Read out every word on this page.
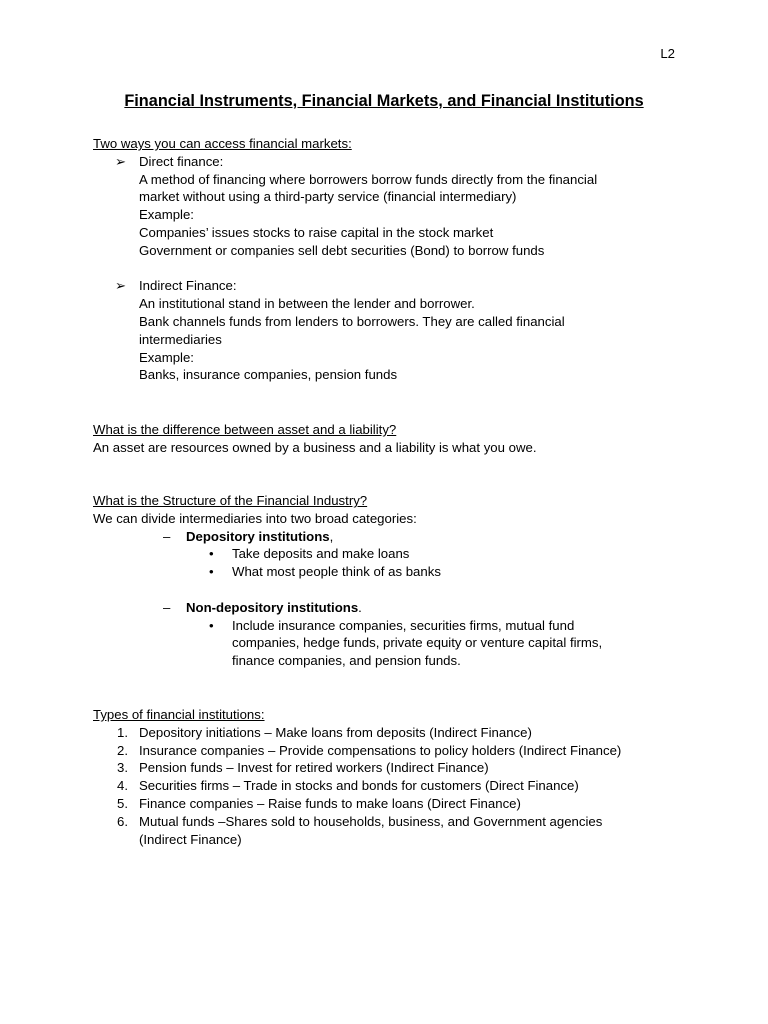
L2
Financial Instruments, Financial Markets, and Financial Institutions
Two ways you can access financial markets:
➢ Direct finance:
A method of financing where borrowers borrow funds directly from the financial
market without using a third-party service (financial intermediary)
Example:
Companies’ issues stocks to raise capital in the stock market
Government or companies sell debt securities (Bond) to borrow funds
➢ Indirect Finance:
An institutional stand in between the lender and borrower.
Bank channels funds from lenders to borrowers. They are called financial
intermediaries
Example:
Banks, insurance companies, pension funds
What is the difference between asset and a liability?
An asset are resources owned by a business and a liability is what you owe.
What is the Structure of the Financial Industry?
We can divide intermediaries into two broad categories:
– Depository institutions,
• Take deposits and make loans
• What most people think of as banks
– Non-depository institutions.
• Include insurance companies, securities firms, mutual fund
companies, hedge funds, private equity or venture capital firms,
finance companies, and pension funds.
Types of financial institutions:
1. Depository initiations – Make loans from deposits (Indirect Finance)
2. Insurance companies – Provide compensations to policy holders (Indirect Finance)
3. Pension funds – Invest for retired workers (Indirect Finance)
4. Securities firms – Trade in stocks and bonds for customers (Direct Finance)
5. Finance companies – Raise funds to make loans (Direct Finance)
6. Mutual funds –Shares sold to households, business, and Government agencies
(Indirect Finance)
